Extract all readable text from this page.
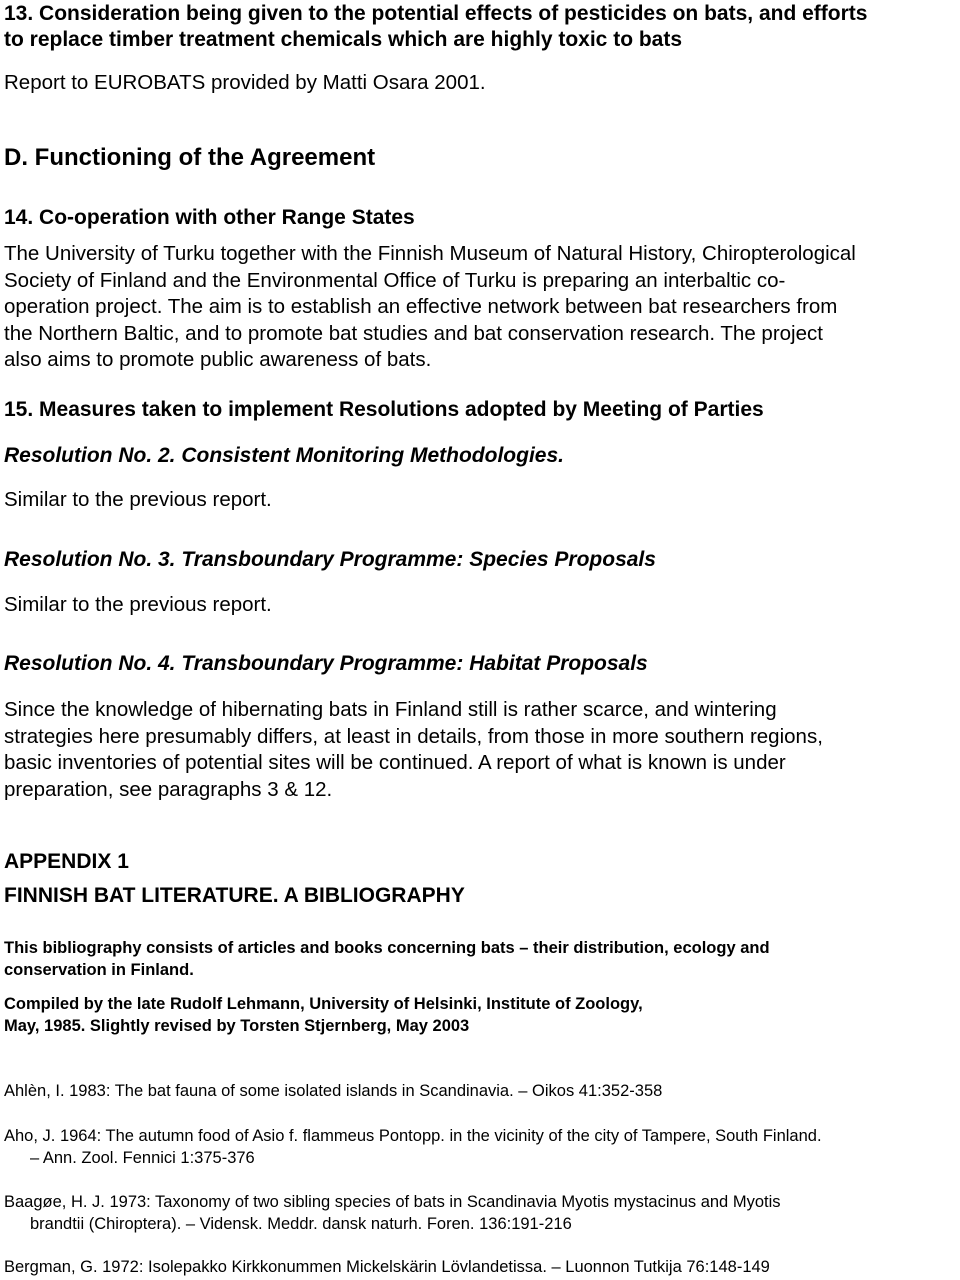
13. Consideration being given to the potential effects of pesticides on bats, and efforts
to replace timber treatment chemicals which are highly toxic to bats
Report to EUROBATS provided by Matti Osara 2001.
D. Functioning of the Agreement
14. Co-operation with other Range States
The University of Turku together with the Finnish Museum of Natural History, Chiropterological
Society of Finland and the Environmental Office of Turku is preparing an interbaltic co-
operation project. The aim is to establish an effective network between bat researchers from
the Northern Baltic, and to promote bat studies and bat conservation research. The project
also aims to promote public awareness of bats.
15. Measures taken to implement Resolutions adopted by Meeting of Parties
Resolution No. 2. Consistent Monitoring Methodologies.
Similar to the previous report.
Resolution No. 3. Transboundary Programme: Species Proposals
Similar to the previous report.
Resolution No. 4. Transboundary Programme: Habitat Proposals
Since the knowledge of hibernating bats in Finland still is rather scarce, and wintering
strategies here presumably differs, at least in details, from those in more southern regions,
basic inventories of potential sites will be continued. A report of what is known is under
preparation, see paragraphs 3 & 12.
APPENDIX 1
FINNISH BAT LITERATURE. A BIBLIOGRAPHY
This bibliography consists of articles and books concerning bats – their distribution, ecology and
conservation in Finland.
Compiled by the late Rudolf Lehmann, University of Helsinki, Institute of Zoology,
May, 1985. Slightly revised by Torsten Stjernberg, May 2003
Ahlèn, I. 1983: The bat fauna of some isolated islands in Scandinavia. – Oikos 41:352-358
Aho, J. 1964: The autumn food of Asio f. flammeus Pontopp. in the vicinity of the city of Tampere, South Finland.
– Ann. Zool. Fennici 1:375-376
Baagøe, H. J. 1973: Taxonomy of two sibling species of bats in Scandinavia Myotis mystacinus and Myotis
brandtii (Chiroptera). – Vidensk. Meddr. dansk naturh. Foren. 136:191-216
Bergman, G. 1972: Isolepakko Kirkkonummen Mickelskärin Lövlandetissa. – Luonnon Tutkija 76:148-149
